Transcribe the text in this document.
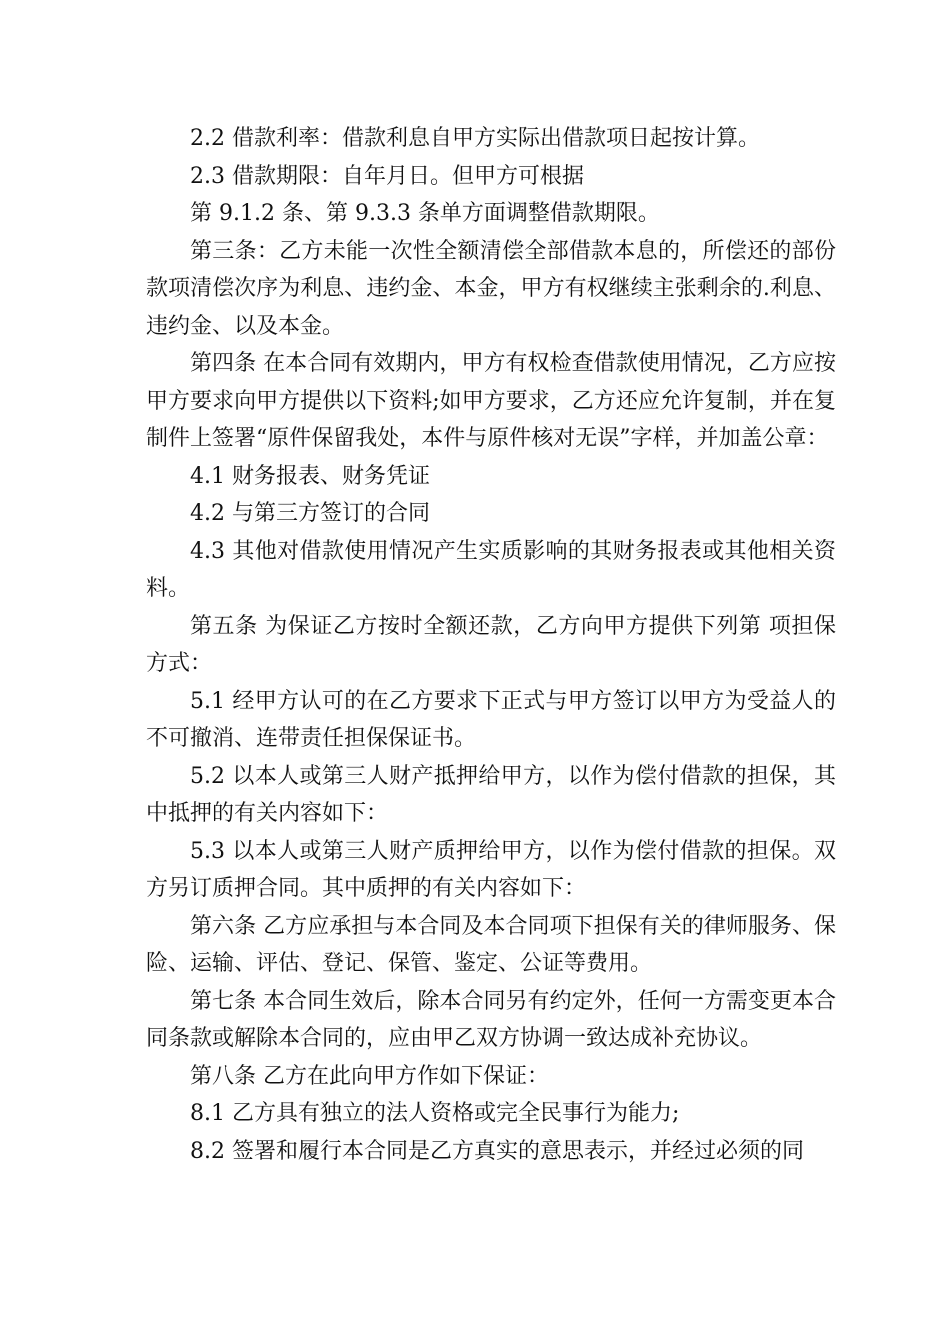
2.2 借款利率：借款利息自甲方实际出借款项日起按计算。

2.3 借款期限：自年月日。但甲方可根据

第 9.1.2 条、第 9.3.3 条单方面调整借款期限。

第三条：乙方未能一次性全额清偿全部借款本息的，所偿还的部份款项清偿次序为利息、违约金、本金，甲方有权继续主张剩余的.利息、违约金、以及本金。

第四条 在本合同有效期内，甲方有权检查借款使用情况，乙方应按甲方要求向甲方提供以下资料;如甲方要求，乙方还应允许复制，并在复制件上签署“原件保留我处，本件与原件核对无误”字样，并加盖公章：

4.1 财务报表、财务凭证

4.2 与第三方签订的合同

4.3 其他对借款使用情况产生实质影响的其财务报表或其他相关资料。

第五条 为保证乙方按时全额还款，乙方向甲方提供下列第 项担保方式：

5.1 经甲方认可的在乙方要求下正式与甲方签订以甲方为受益人的不可撤消、连带责任担保保证书。

5.2 以本人或第三人财产抵押给甲方，以作为偿付借款的担保，其中抵押的有关内容如下：

5.3 以本人或第三人财产质押给甲方，以作为偿付借款的担保。双方另订质押合同。其中质押的有关内容如下：

第六条 乙方应承担与本合同及本合同项下担保有关的律师服务、保险、运输、评估、登记、保管、鉴定、公证等费用。

第七条 本合同生效后，除本合同另有约定外，任何一方需变更本合同条款或解除本合同的，应由甲乙双方协调一致达成补充协议。

第八条 乙方在此向甲方作如下保证：

8.1 乙方具有独立的法人资格或完全民事行为能力;

8.2 签署和履行本合同是乙方真实的意思表示，并经过必须的同
